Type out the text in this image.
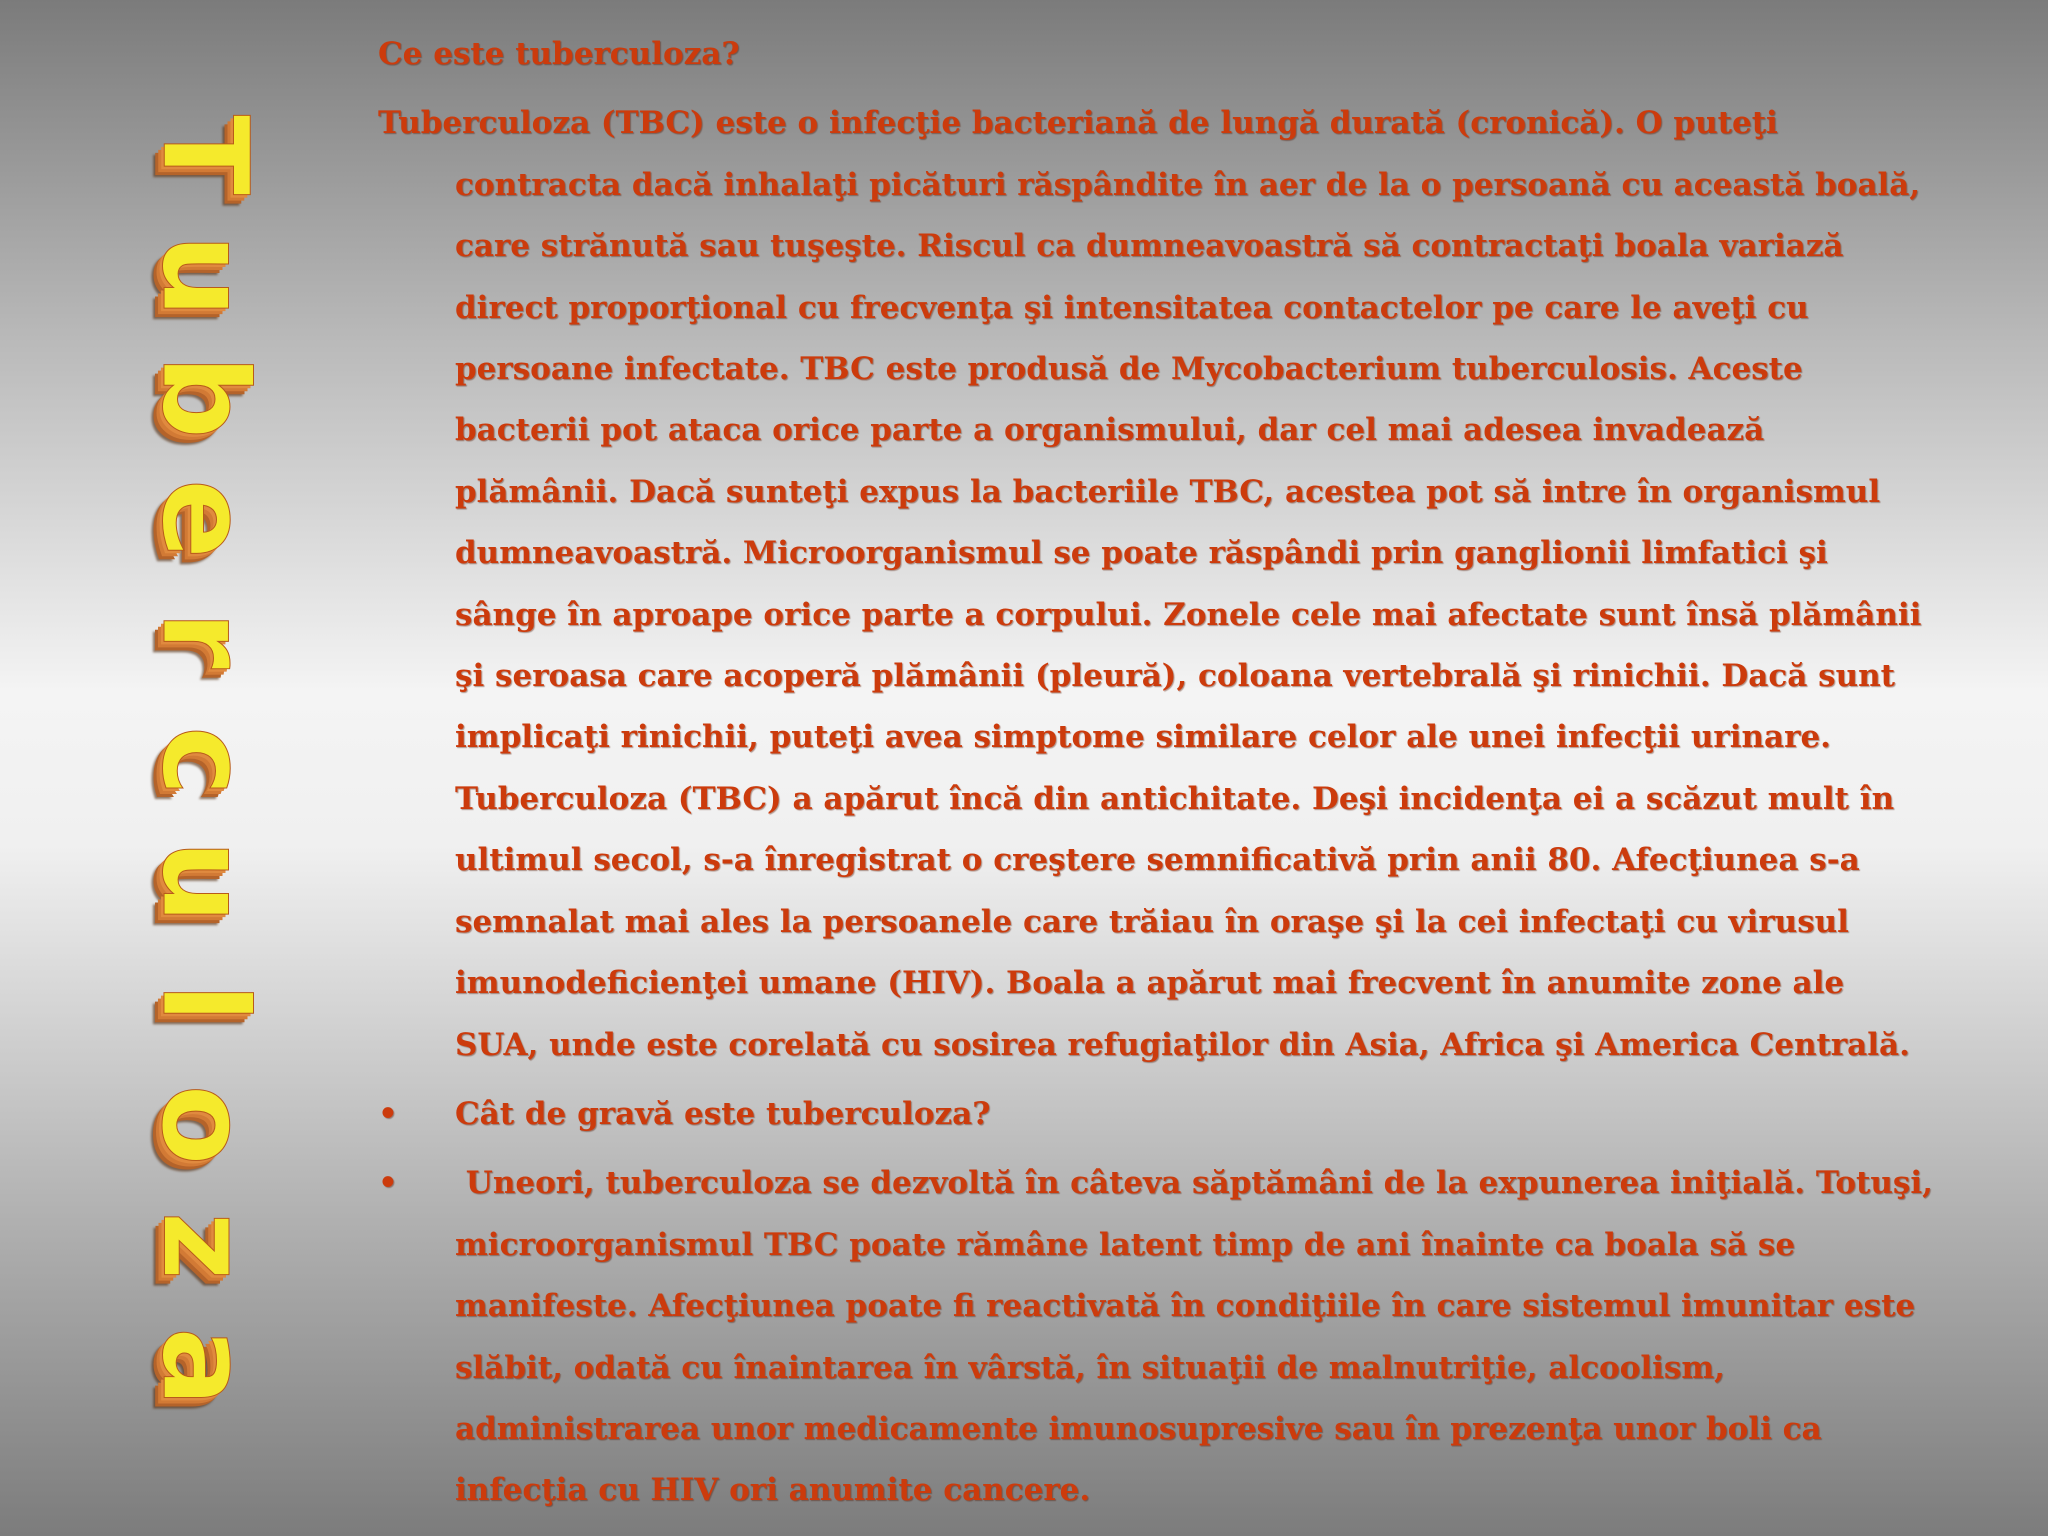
T
u
b
e
r
c
u
l
o
z
a

Ce este tuberculoza?

Tuberculoza (TBC) este o infecţie bacteriană de lungă durată (cronică). O puteţi contracta dacă inhalaţi picături răspândite în aer de la o persoană cu această boală, care strănută sau tuşeşte. Riscul ca dumneavoastră să contractaţi boala variază direct proporţional cu frecvenţa şi intensitatea contactelor pe care le aveţi cu persoane infectate. TBC este produsă de Mycobacterium tuberculosis. Aceste bacterii pot ataca orice parte a organismului, dar cel mai adesea invadează plămânii. Dacă sunteţi expus la bacteriile TBC, acestea pot să intre în organismul dumneavoastră. Microorganismul se poate răspândi prin ganglionii limfatici şi sânge în aproape orice parte a corpului. Zonele cele mai afectate sunt însă plămânii şi seroasa care acoperă plămânii (pleură), coloana vertebrală şi rinichii. Dacă sunt implicaţi rinichii, puteţi avea simptome similare celor ale unei infecţii urinare. Tuberculoza (TBC) a apărut încă din antichitate. Deşi incidenţa ei a scăzut mult în ultimul secol, s-a înregistrat o creştere semnificativă prin anii 80. Afecţiunea s-a semnalat mai ales la persoanele care trăiau în oraşe şi la cei infectaţi cu virusul imunodeficienţei umane (HIV). Boala a apărut mai frecvent în anumite zone ale SUA, unde este corelată cu sosirea refugiaţilor din Asia, Africa şi America Centrală.

• Cât de gravă este tuberculoza?

• Uneori, tuberculoza se dezvoltă în câteva săptămâni de la expunerea iniţială. Totuşi, microorganismul TBC poate rămâne latent timp de ani înainte ca boala să se manifeste. Afecţiunea poate fi reactivată în condiţiile în care sistemul imunitar este slăbit, odată cu înaintarea în vârstă, în situaţii de malnutriţie, alcoolism, administrarea unor medicamente imunosupresive sau în prezenţa unor boli ca infecţia cu HIV ori anumite cancere.
